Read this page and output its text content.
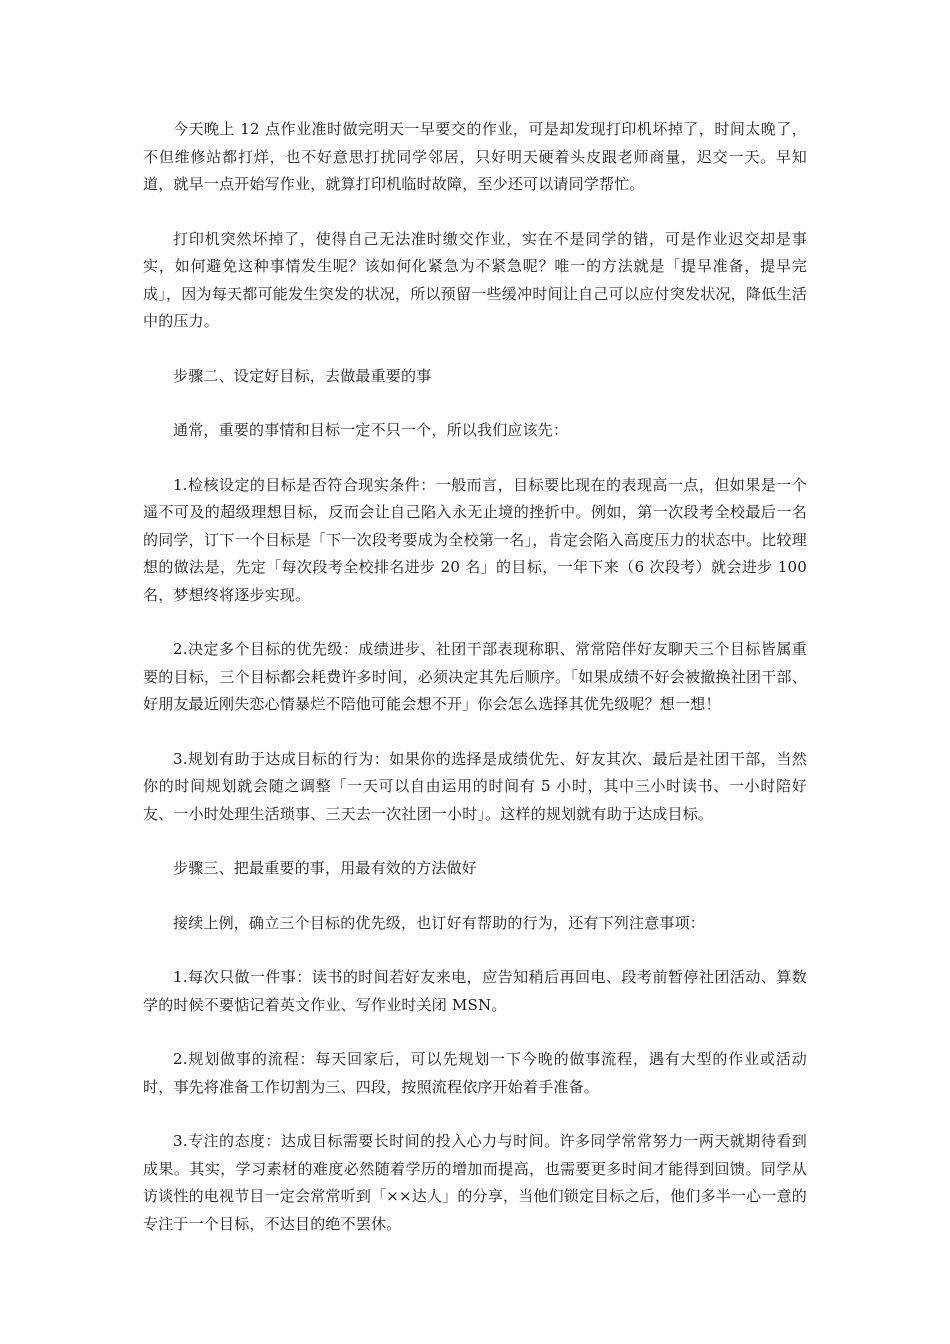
今天晚上 12 点作业准时做完明天一早要交的作业，可是却发现打印机坏掉了，时间太晚了，不但维修站都打烊，也不好意思打扰同学邻居，只好明天硬着头皮跟老师商量，迟交一天。早知道，就早一点开始写作业，就算打印机临时故障，至少还可以请同学帮忙。

打印机突然坏掉了，使得自己无法准时缴交作业，实在不是同学的错，可是作业迟交却是事实，如何避免这种事情发生呢？该如何化紧急为不紧急呢？唯一的方法就是「提早准备，提早完成」，因为每天都可能发生突发的状况，所以预留一些缓冲时间让自己可以应付突发状况，降低生活中的压力。

步骤二、设定好目标，去做最重要的事

通常，重要的事情和目标一定不只一个，所以我们应该先：

1.检核设定的目标是否符合现实条件：一般而言，目标要比现在的表现高一点，但如果是一个遥不可及的超级理想目标，反而会让自己陷入永无止境的挫折中。例如，第一次段考全校最后一名的同学，订下一个目标是「下一次段考要成为全校第一名」，肯定会陷入高度压力的状态中。比较理想的做法是，先定「每次段考全校排名进步 20 名」的目标，一年下来（6 次段考）就会进步 100 名，梦想终将逐步实现。

2.决定多个目标的优先级：成绩进步、社团干部表现称职、常常陪伴好友聊天三个目标皆属重要的目标，三个目标都会耗费许多时间，必须决定其先后顺序。「如果成绩不好会被撤换社团干部、好朋友最近刚失恋心情暴烂不陪他可能会想不开」你会怎么选择其优先级呢？想一想！

3.规划有助于达成目标的行为：如果你的选择是成绩优先、好友其次、最后是社团干部，当然你的时间规划就会随之调整「一天可以自由运用的时间有 5 小时，其中三小时读书、一小时陪好友、一小时处理生活琐事、三天去一次社团一小时」。这样的规划就有助于达成目标。

步骤三、把最重要的事，用最有效的方法做好

接续上例，确立三个目标的优先级，也订好有帮助的行为，还有下列注意事项：

1.每次只做一件事：读书的时间若好友来电，应告知稍后再回电、段考前暂停社团活动、算数学的时候不要惦记着英文作业、写作业时关闭 MSN。

2.规划做事的流程：每天回家后，可以先规划一下今晚的做事流程，遇有大型的作业或活动时，事先将准备工作切割为三、四段，按照流程依序开始着手准备。

3.专注的态度：达成目标需要长时间的投入心力与时间。许多同学常常努力一两天就期待看到成果。其实，学习素材的难度必然随着学历的增加而提高，也需要更多时间才能得到回馈。同学从访谈性的电视节目一定会常常听到「××达人」的分享，当他们锁定目标之后，他们多半一心一意的专注于一个目标，不达目的绝不罢休。
